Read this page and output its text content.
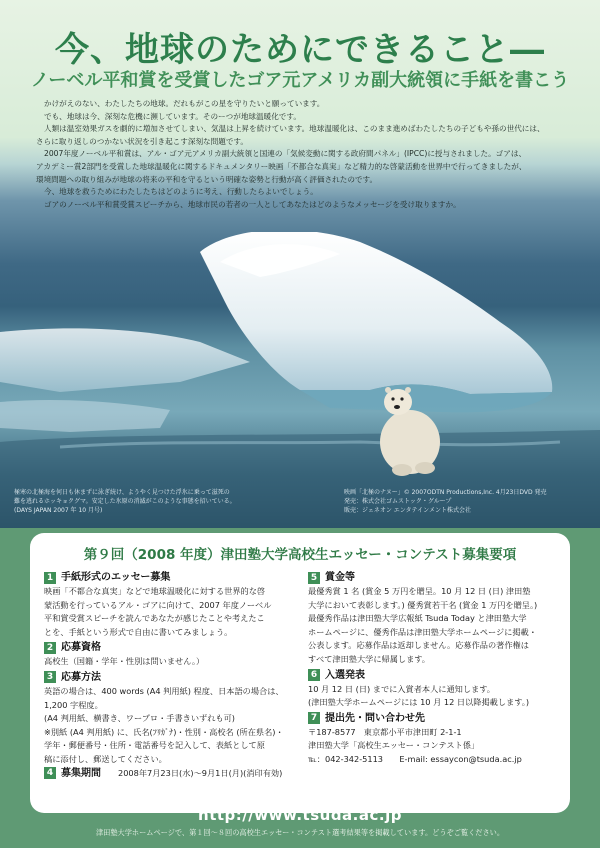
今、地球のためにできること―
ノーベル平和賞を受賞したゴア元アメリカ副大統領に手紙を書こう

かけがえのない、わたしたちの地球。だれもがこの星を守りたいと願っています。

でも、地球は今、深刻な危機に瀕しています。そのーつが地球温暖化です。

人類は温室効果ガスを劇的に増加させてしまい、気温は上昇を続けています。地球温暖化は、このまま進めばわたしたちの子どもや孫の世代には、

さらに取り返しのつかない状況を引き起こす深刻な問題です。

2007年度ノーベル平和賞は、アル・ゴア元アメリカ副大統領と国連の「気候変動に関する政府間パネル」(IPCC)に授与されました。ゴアは、

アカデミー賞2部門を受賞した地球温暖化に関するドキュメンタリー映画「不都合な真実」など精力的な啓蒙活動を世界中で行ってきましたが、

環境問題への取り組みが地球の将来の平和を守るという明確な姿勢と行動が高く評価されたのです。

今、地球を救うためにわたしたちはどのように考え、行動したらよいでしょう。

ゴアのノーベル平和賞受賞スピーチから、地球市民の若者の一人としてあなたはどのようなメッセージを受け取りますか。

極寒の北極海を何日も休まずに泳ぎ続け、ようやく見つけた浮氷に乗って滋死の
難を逃れるホッキョクグマ。安定した氷原の消滅がこのような事態を招いている。
(DAYS JAPAN 2007 年 10 月号)
映画「北極のナヌー」© 2007ODTN Productions,Inc. 4月23日DVD 発売
発売：株式会社ゴムストック・グループ
販売：ジェネオン エンタテインメント株式会社
第９回（2008 年度）津田塾大学高校生エッセー・コンテスト募集要項
1 手紙形式のエッセー募集
映画「不都合な真実」などで地球温暖化に対する世界的な啓
蒙活動を行っているアル・ゴアに向けて、2007 年度ノーベル
平和賞受賞スピーチを読んであなたが感じたことや考えたこ
とを、手紙という形式で自由に書いてみましょう。
2 応募資格
高校生（国籍・学年・性別は問いません。）
3 応募方法
英語の場合は、400 words (A4 判用紙) 程度、日本語の場合は、
1,200 字程度。
(A4 判用紙、横書き、ワープロ・手書きいずれも可)
※別紙 (A4 判用紙) に、氏名(ﾌﾘｶﾞﾅ)・性別・高校名 (所在県名)・
学年・郵便番号・住所・電話番号を記入して、表紙として原
稿に添付し、郵送してください。
4 募集期間 2008年7月23日(水)～9月1日(月)(消印有効)
5 賞金等
最優秀賞 1 名 (賞金 5 万円を贈呈。10 月 12 日 (日) 津田塾
大学において表彰します。) 優秀賞若干名 (賞金 1 万円を贈呈。)
最優秀作品は津田塾大学広報紙 Tsuda Today と津田塾大学
ホームページに、優秀作品は津田塾大学ホームページに掲載・
公表します。応募作品は返却しません。応募作品の著作権は
すべて津田塾大学に帰属します。
6 入選発表
10 月 12 日 (日) までに入賞者本人に通知します。
(津田塾大学ホームページには 10 月 12 日以降掲載します。)
7 提出先・問い合わせ先
〒187-8577　東京都小平市津田町 2-1-1
津田塾大学「高校生エッセー・コンテスト係」
℡：042-342-5113　　E-mail: essaycon@tsuda.ac.jp
http://www.tsuda.ac.jp
津田塾大学ホームページで、第１回～８回の高校生エッセー・コンテスト選考結果等を掲載しています。どうぞご覧ください。
